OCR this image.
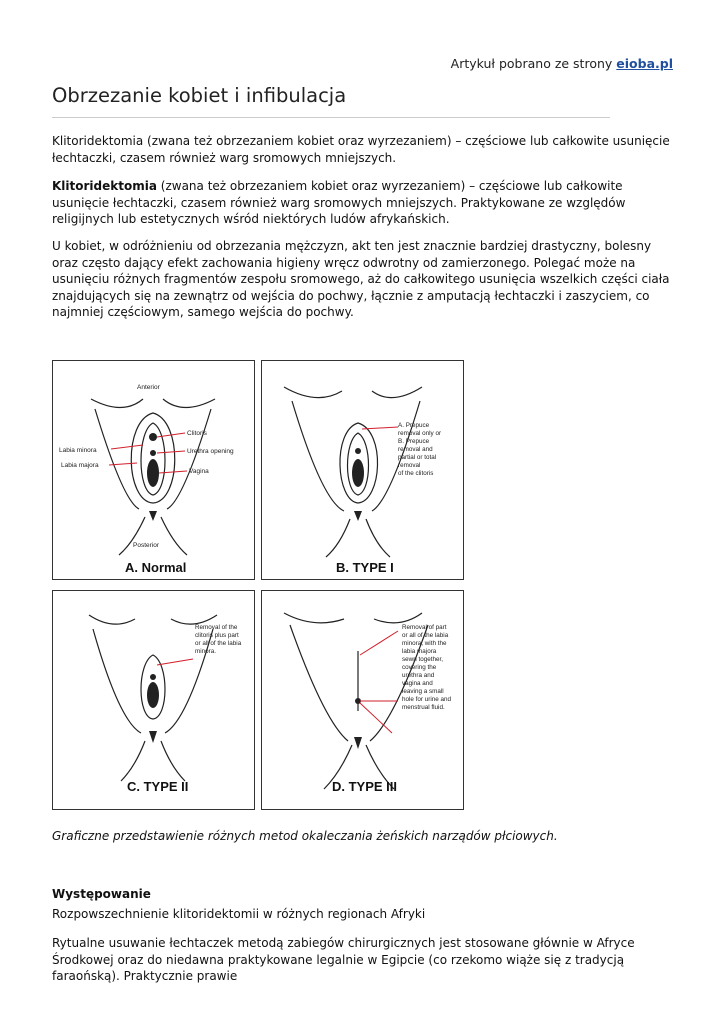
Artykuł pobrano ze strony eioba.pl
Obrzezanie kobiet i infibulacja

Klitoridektomia (zwana też obrzezaniem kobiet oraz wyrzezaniem) – częściowe lub całkowite usunięcie łechtaczki, czasem również warg sromowych mniejszych.

Klitoridektomia (zwana też obrzezaniem kobiet oraz wyrzezaniem) – częściowe lub całkowite
usunięcie łechtaczki, czasem również warg sromowych mniejszych. Praktykowane ze względów religijnych lub estetycznych wśród niektórych ludów afrykańskich.

U kobiet, w odróżnieniu od obrzezania mężczyzn, akt ten jest znacznie bardziej drastyczny, bolesny oraz często dający efekt zachowania higieny wręcz odwrotny od zamierzonego. Polegać może na usunięciu różnych fragmentów zespołu sromowego, aż do całkowitego usunięcia wszelkich części ciała znajdujących się na zewnątrz od wejścia do pochwy, łącznie z amputacją łechtaczki i zaszyciem, co najmniej częściowym, samego wejścia do pochwy.

Anterior
Clitoris
Labia minora	Urethra opening
Labia majora
Vagina
Posterior
A. Normal
A. Prepuce
removal only or
B. Prepuce
removal and
partial or total
removal
of the clitoris
B. TYPE I
Removal of the
clitoris plus part
or all of the labia
minora.
C. TYPE II
Removal of part
or all of the labia
minora, with the
labia majora
sewn together,
covering the
urethra and
vagina and
leaving a small
hole for urine and
menstrual fluid.
D. TYPE III

Graficzne przedstawienie różnych metod okaleczania żeńskich narządów płciowych.

Występowanie

Rozpowszechnienie klitoridektomii w różnych regionach Afryki

Rytualne usuwanie łechtaczek metodą zabiegów chirurgicznych jest stosowane głównie w Afryce Środkowej oraz do niedawna praktykowane legalnie w Egipcie (co rzekomo wiąże się z tradycją faraońską). Praktycznie prawie
